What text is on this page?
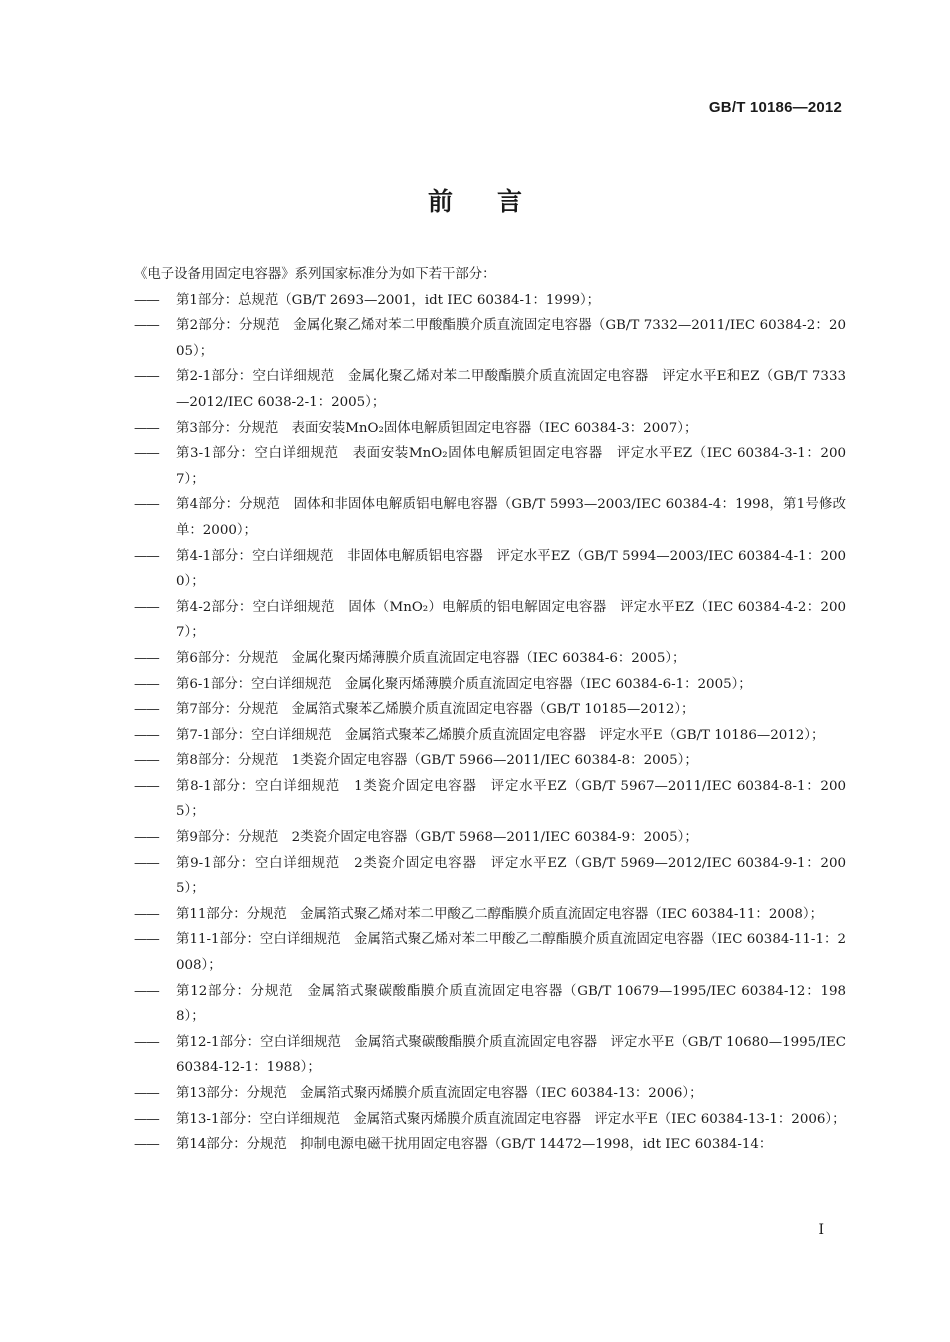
GB/T 10186—2012
前 言

《电子设备用固定电容器》系列国家标准分为如下若干部分：

——	第1部分：总规范（GB/T 2693—2001，idt IEC 60384-1：1999）；
——	第2部分：分规范　金属化聚乙烯对苯二甲酸酯膜介质直流固定电容器（GB/T 7332—2011/IEC 60384-2：2005）；
——	第2-1部分：空白详细规范　金属化聚乙烯对苯二甲酸酯膜介质直流固定电容器　评定水平E和EZ（GB/T 7333—2012/IEC 6038-2-1：2005）；
——	第3部分：分规范　表面安装MnO₂固体电解质钽固定电容器（IEC 60384-3：2007）；
——	第3-1部分：空白详细规范　表面安装MnO₂固体电解质钽固定电容器　评定水平EZ（IEC 60384-3-1：2007）；
——	第4部分：分规范　固体和非固体电解质铝电解电容器（GB/T 5993—2003/IEC 60384-4：1998，第1号修改单：2000）；
——	第4-1部分：空白详细规范　非固体电解质铝电容器　评定水平EZ（GB/T 5994—2003/IEC 60384-4-1：2000）；
——	第4-2部分：空白详细规范　固体（MnO₂）电解质的铝电解固定电容器　评定水平EZ（IEC 60384-4-2：2007）；
——	第6部分：分规范　金属化聚丙烯薄膜介质直流固定电容器（IEC 60384-6：2005）；
——	第6-1部分：空白详细规范　金属化聚丙烯薄膜介质直流固定电容器（IEC 60384-6-1：2005）；
——	第7部分：分规范　金属箔式聚苯乙烯膜介质直流固定电容器（GB/T 10185—2012）；
——	第7-1部分：空白详细规范　金属箔式聚苯乙烯膜介质直流固定电容器　评定水平E（GB/T 10186—2012）；
——	第8部分：分规范　1类瓷介固定电容器（GB/T 5966—2011/IEC 60384-8：2005）；
——	第8-1部分：空白详细规范　1类瓷介固定电容器　评定水平EZ（GB/T 5967—2011/IEC 60384-8-1：2005）；
——	第9部分：分规范　2类瓷介固定电容器（GB/T 5968—2011/IEC 60384-9：2005）；
——	第9-1部分：空白详细规范　2类瓷介固定电容器　评定水平EZ（GB/T 5969—2012/IEC 60384-9-1：2005）；
——	第11部分：分规范　金属箔式聚乙烯对苯二甲酸乙二醇酯膜介质直流固定电容器（IEC 60384-11：2008）；
——	第11-1部分：空白详细规范　金属箔式聚乙烯对苯二甲酸乙二醇酯膜介质直流固定电容器（IEC 60384-11-1：2008）；
——	第12部分：分规范　金属箔式聚碳酸酯膜介质直流固定电容器（GB/T 10679—1995/IEC 60384-12：1988）；
——	第12-1部分：空白详细规范　金属箔式聚碳酸酯膜介质直流固定电容器　评定水平E（GB/T 10680—1995/IEC 60384-12-1：1988）；
——	第13部分：分规范　金属箔式聚丙烯膜介质直流固定电容器（IEC 60384-13：2006）；
——	第13-1部分：空白详细规范　金属箔式聚丙烯膜介质直流固定电容器　评定水平E（IEC 60384-13-1：2006）；
——	第14部分：分规范　抑制电源电磁干扰用固定电容器（GB/T 14472—1998，idt IEC 60384-14：
I
